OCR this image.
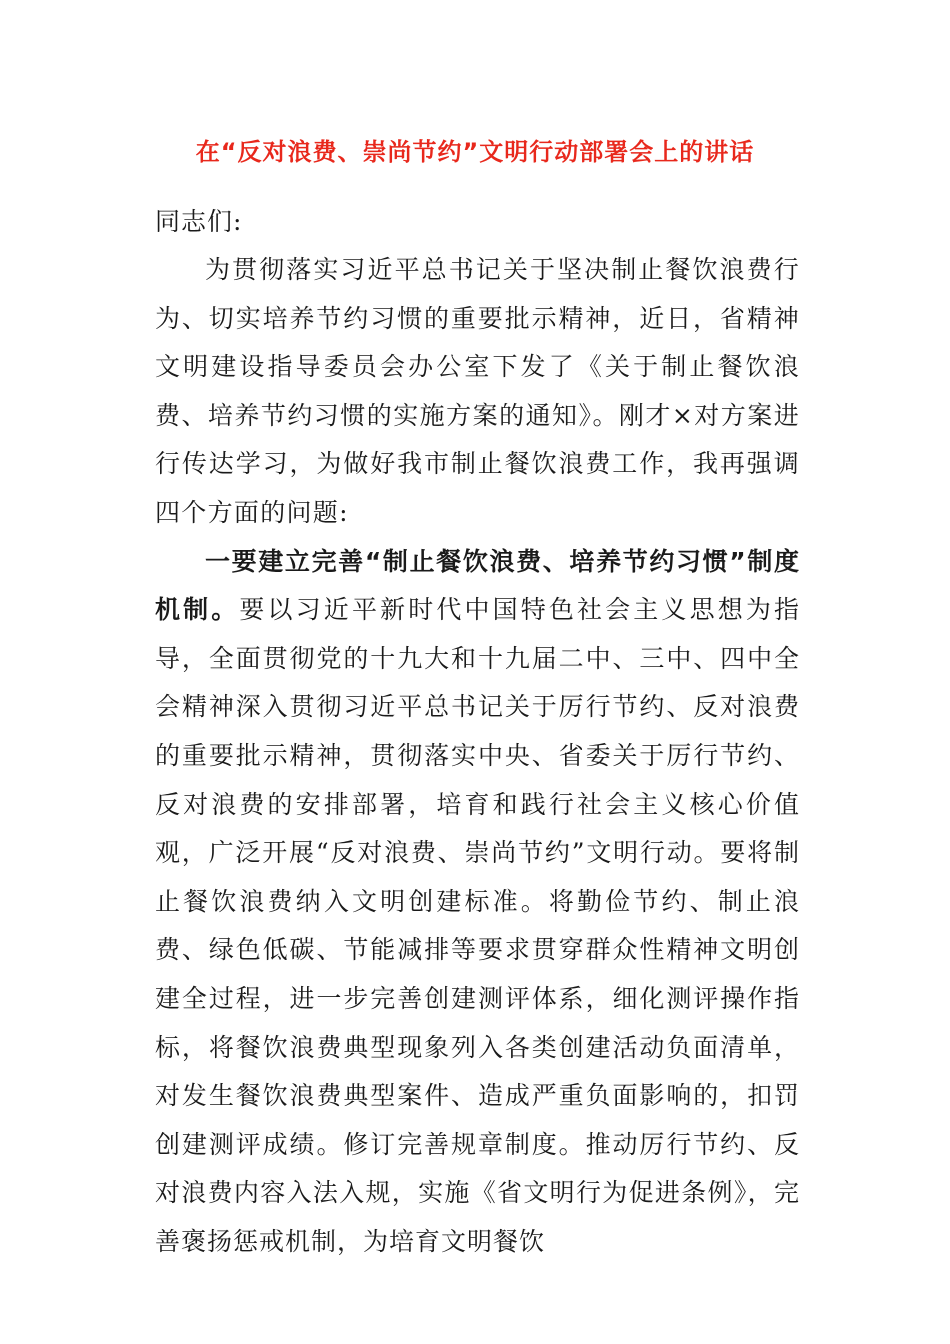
在“反对浪费、崇尚节约”文明行动部署会上的讲话

同志们:

为贯彻落实习近平总书记关于坚决制止餐饮浪费行为、切实培养节约习惯的重要批示精神，近日，省精神文明建设指导委员会办公室下发了《关于制止餐饮浪费、培养节约习惯的实施方案的通知》。刚才×对方案进行传达学习，为做好我市制止餐饮浪费工作，我再强调四个方面的问题:

一要建立完善“制止餐饮浪费、培养节约习惯”制度机制。要以习近平新时代中国特色社会主义思想为指导，全面贯彻党的十九大和十九届二中、三中、四中全会精神深入贯彻习近平总书记关于厉行节约、反对浪费的重要批示精神，贯彻落实中央、省委关于厉行节约、反对浪费的安排部署，培育和践行社会主义核心价值观，广泛开展“反对浪费、崇尚节约”文明行动。要将制止餐饮浪费纳入文明创建标准。将勤俭节约、制止浪费、绿色低碳、节能减排等要求贯穿群众性精神文明创建全过程，进一步完善创建测评体系，细化测评操作指标，将餐饮浪费典型现象列入各类创建活动负面清单，对发生餐饮浪费典型案件、造成严重负面影响的，扣罚创建测评成绩。修订完善规章制度。推动厉行节约、反对浪费内容入法入规，实施《省文明行为促进条例》，完善褒扬惩戒机制，为培育文明餐饮
